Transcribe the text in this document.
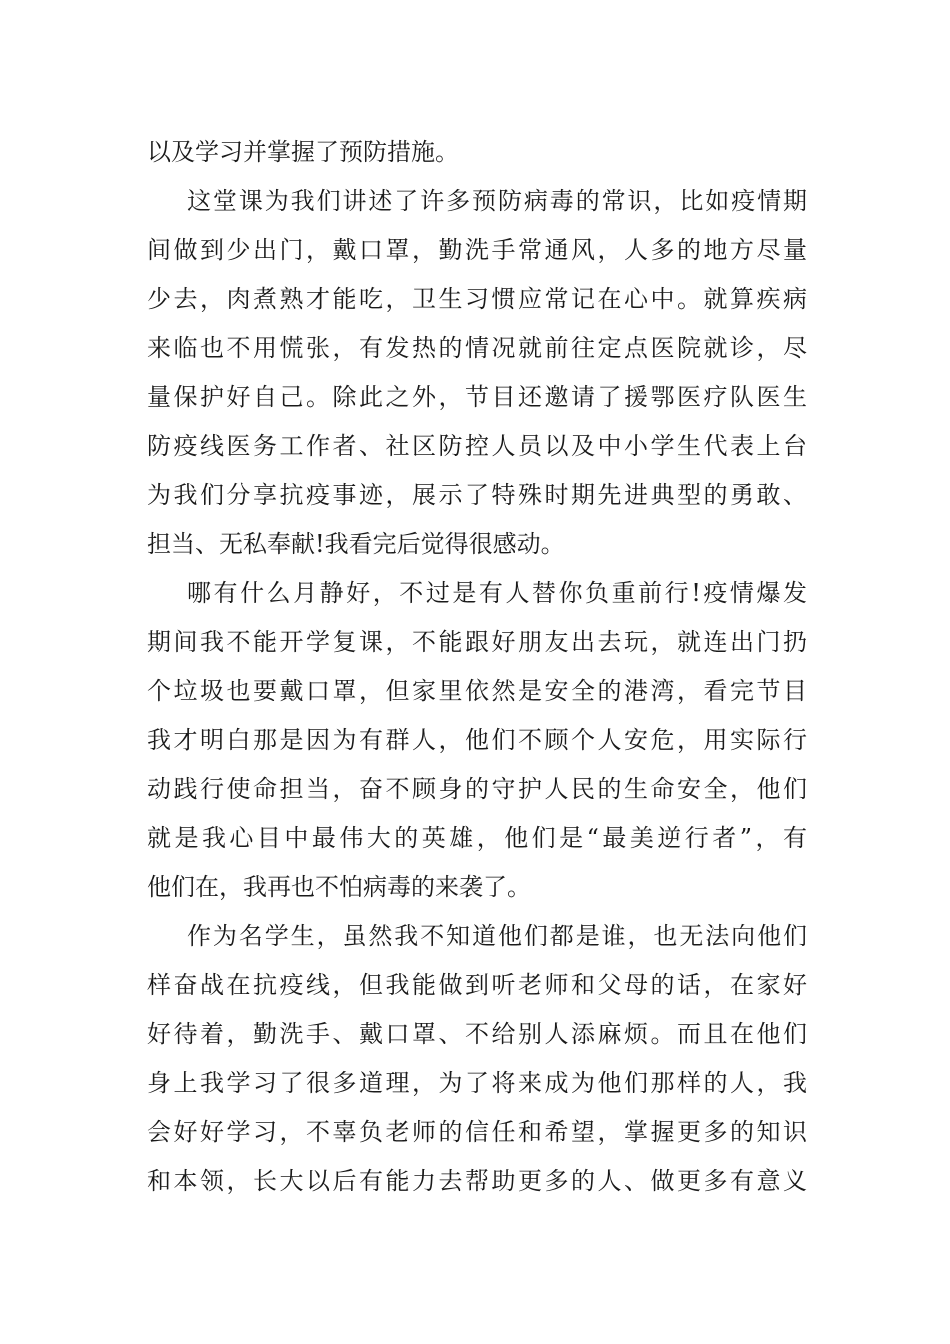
以及学习并掌握了预防措施。
这堂课为我们讲述了许多预防病毒的常识，比如疫情期
间做到少出门，戴口罩，勤洗手常通风，人多的地方尽量
少去，肉煮熟才能吃，卫生习惯应常记在心中。就算疾病
来临也不用慌张，有发热的情况就前往定点医院就诊，尽
量保护好自己。除此之外，节目还邀请了援鄂医疗队医生
防疫线医务工作者、社区防控人员以及中小学生代表上台
为我们分享抗疫事迹，展示了特殊时期先进典型的勇敢、
担当、无私奉献!我看完后觉得很感动。
哪有什么月静好，不过是有人替你负重前行!疫情爆发
期间我不能开学复课，不能跟好朋友出去玩，就连出门扔
个垃圾也要戴口罩，但家里依然是安全的港湾，看完节目
我才明白那是因为有群人，他们不顾个人安危，用实际行
动践行使命担当，奋不顾身的守护人民的生命安全，他们
就是我心目中最伟大的英雄，他们是“最美逆行者”，有
他们在，我再也不怕病毒的来袭了。
作为名学生，虽然我不知道他们都是谁，也无法向他们
样奋战在抗疫线，但我能做到听老师和父母的话，在家好
好待着，勤洗手、戴口罩、不给别人添麻烦。而且在他们
身上我学习了很多道理，为了将来成为他们那样的人，我
会好好学习，不辜负老师的信任和希望，掌握更多的知识
和本领，长大以后有能力去帮助更多的人、做更多有意义
